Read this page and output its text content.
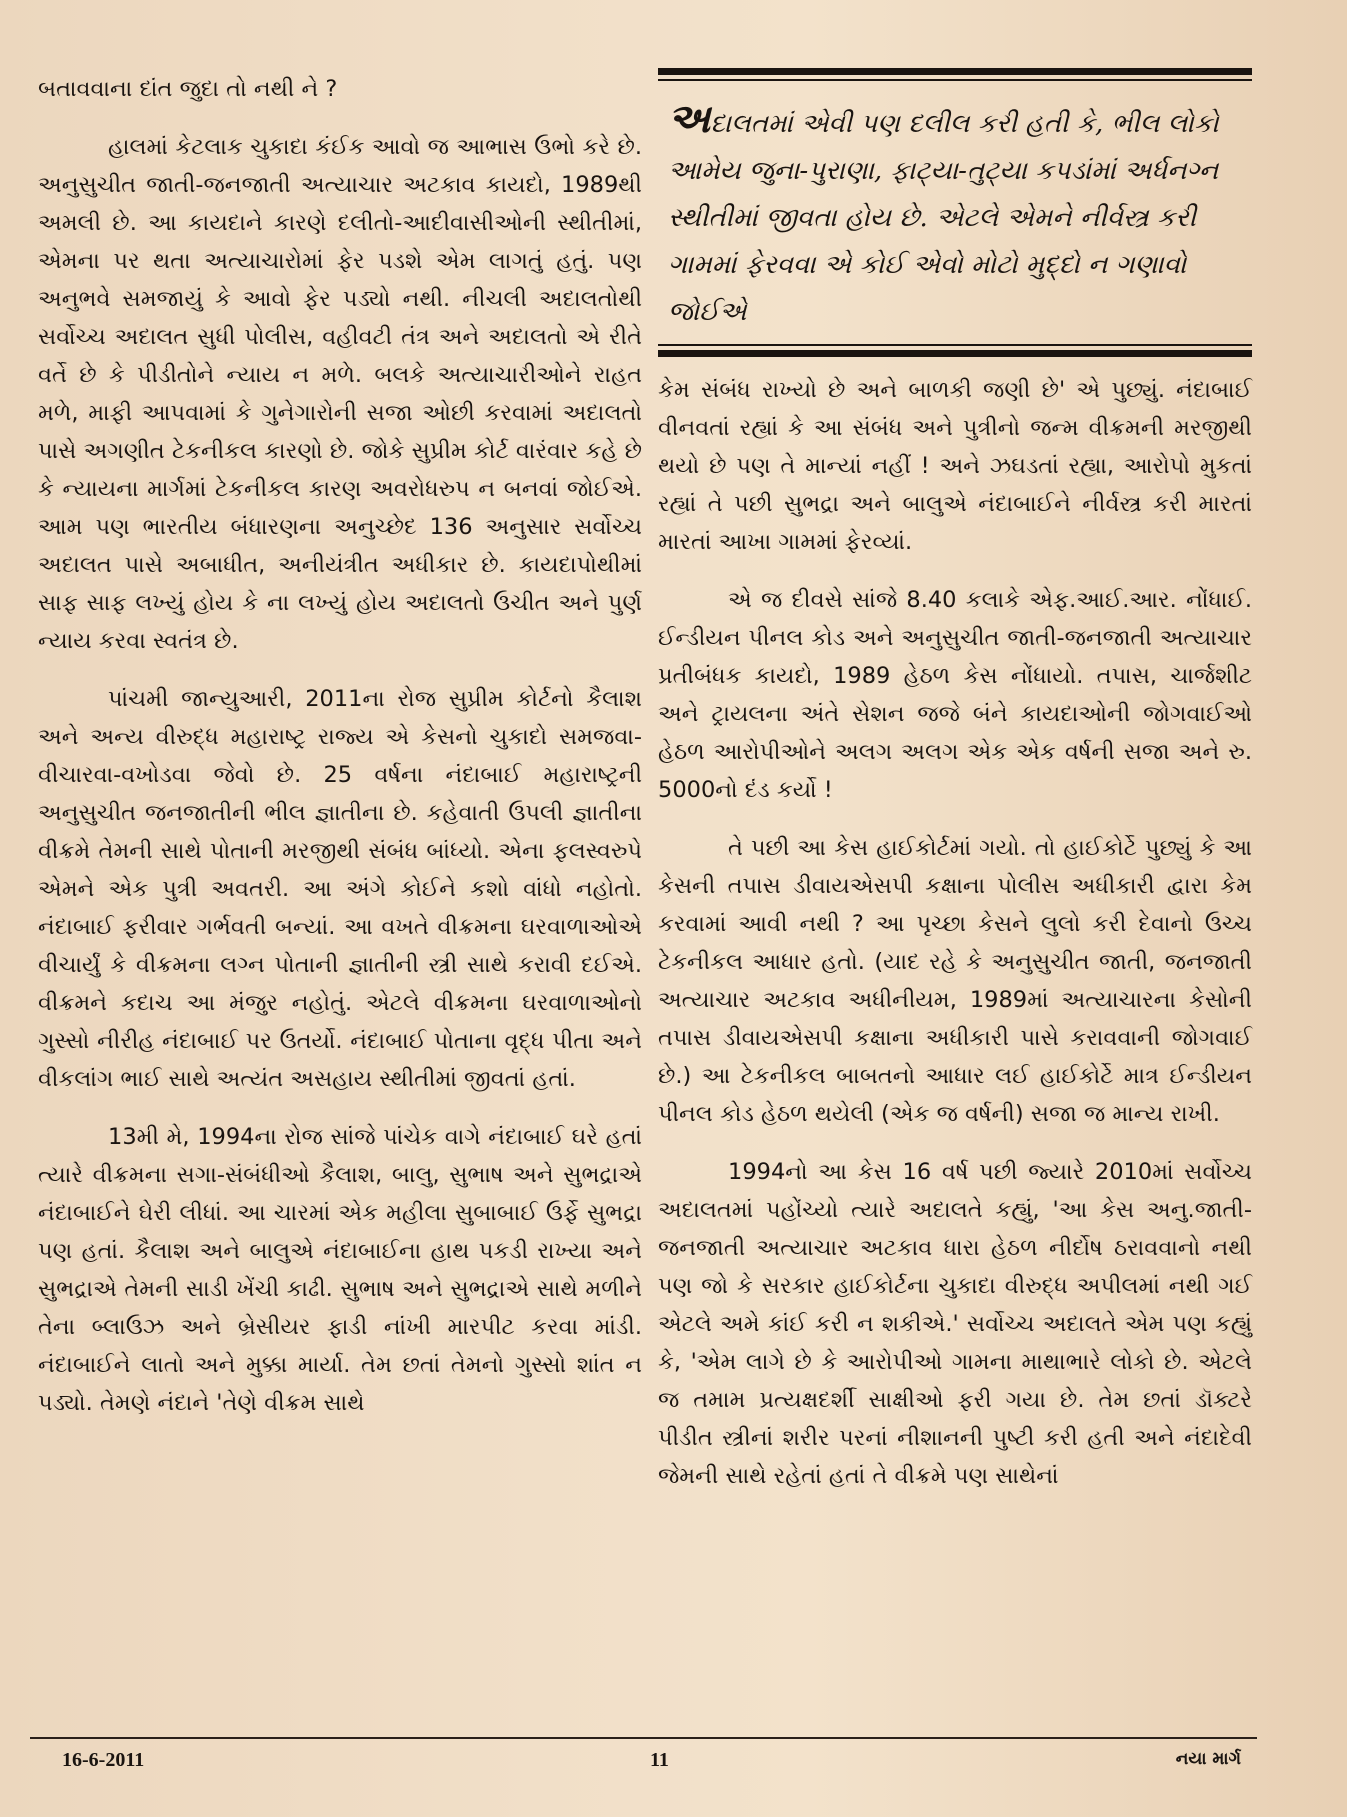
બતાવવાના દાંત જુદા તો નથી ને ?

હાલમાં કેટલાક ચુકાદા કંઈક આવો જ આભાસ ઉભો કરે છે. અનુસુચીત જાતી-જનજાતી અત્યાચાર અટકાવ કાયદો, 1989થી અમલી છે. આ કાયદાને કારણે દલીતો-આદીવાસીઓની સ્થીતીમાં, એમના પર થતા અત્યાચારોમાં ફેર પડશે એમ લાગતું હતું. પણ અનુભવે સમજાયું કે આવો ફેર પડ્યો નથી. નીચલી અદાલતોથી સર્વોચ્ચ અદાલત સુધી પોલીસ, વહીવટી તંત્ર અને અદાલતો એ રીતે વર્તે છે કે પીડીતોને ન્યાય ન મળે. બલકે અત્યાચારીઓને રાહત મળે, માફી આપવામાં કે ગુનેગારોની સજા ઓછી કરવામાં અદાલતો પાસે અગણીત ટેકનીકલ કારણો છે. જોકે સુપ્રીમ કોર્ટ વારંવાર કહે છે કે ન્યાયના માર્ગમાં ટેકનીકલ કારણ અવરોધરુપ ન બનવાં જોઈએ. આમ પણ ભારતીય બંધારણના અનુચ્છેદ 136 અનુસાર સર્વોચ્ચ અદાલત પાસે અબાધીત, અનીયંત્રીત અધીકાર છે. કાયદાપોથીમાં સાફ સાફ લખ્યું હોય કે ના લખ્યું હોય અદાલતો ઉચીત અને પુર્ણ ન્યાય કરવા સ્વતંત્ર છે.

પાંચમી જાન્યુઆરી, 2011ના રોજ સુપ્રીમ કોર્ટનો કૈલાશ અને અન્ય વીરુદ્ધ મહારાષ્ટ્ર રાજ્ય એ કેસનો ચુકાદો સમજવા-વીચારવા-વખોડવા જેવો છે. 25 વર્ષના નંદાબાઈ મહારાષ્ટ્રની અનુસુચીત જનજાતીની ભીલ જ્ઞાતીના છે. કહેવાતી ઉપલી જ્ઞાતીના વીક્રમે તેમની સાથે પોતાની મરજીથી સંબંધ બાંધ્યો. એના ફલસ્વરુપે એમને એક પુત્રી અવતરી. આ અંગે કોઈને કશો વાંધો નહોતો. નંદાબાઈ ફરીવાર ગર્ભવતી બન્યાં. આ વખતે વીક્રમના ઘરવાળાઓએ વીચાર્યું કે વીક્રમના લગ્ન પોતાની જ્ઞાતીની સ્ત્રી સાથે કરાવી દઈએ. વીક્રમને કદાચ આ મંજુર નહોતું. એટલે વીક્રમના ઘરવાળાઓનો ગુસ્સો નીરીહ નંદાબાઈ પર ઉતર્યો. નંદાબાઈ પોતાના વૃદ્ધ પીતા અને વીકલાંગ ભાઈ સાથે અત્યંત અસહાય સ્થીતીમાં જીવતાં હતાં.

13મી મે, 1994ના રોજ સાંજે પાંચેક વાગે નંદાબાઈ ઘરે હતાં ત્યારે વીક્રમના સગા-સંબંધીઓ કૈલાશ, બાલુ, સુભાષ અને સુભદ્રાએ નંદાબાઈને ઘેરી લીધાં. આ ચારમાં એક મહીલા સુબાબાઈ ઉર્ફે સુભદ્રા પણ હતાં. કૈલાશ અને બાલુએ નંદાબાઈના હાથ પકડી રાખ્યા અને સુભદ્રાએ તેમની સાડી ખેંચી કાઢી. સુભાષ અને સુભદ્રાએ સાથે મળીને તેના બ્લાઉઝ અને બ્રેસીયર ફાડી નાંખી મારપીટ કરવા માંડી. નંદાબાઈને લાતો અને મુક્કા માર્યા. તેમ છતાં તેમનો ગુસ્સો શાંત ન પડ્યો. તેમણે નંદાને 'તેણે વીક્રમ સાથે

અદાલતમાં એવી પણ દલીલ કરી હતી કે, ભીલ લોકો આમેય જુના-પુરાણા, ફાટ્યા-તુટ્યા કપડાંમાં અર્ધનગ્ન સ્થીતીમાં જીવતા હોય છે. એટલે એમને નીર્વસ્ત્ર કરી ગામમાં ફેરવવા એ કોઈ એવો મોટો મુદ્દો ન ગણાવો જોઈએ

કેમ સંબંધ રાખ્યો છે અને બાળકી જણી છે' એ પુછ્યું. નંદાબાઈ વીનવતાં રહ્યાં કે આ સંબંધ અને પુત્રીનો જન્મ વીક્રમની મરજીથી થયો છે પણ તે માન્યાં નહીં ! અને ઝઘડતાં રહ્યા, આરોપો મુકતાં રહ્યાં તે પછી સુભદ્રા અને બાલુએ નંદાબાઈને નીર્વસ્ત્ર કરી મારતાં મારતાં આખા ગામમાં ફેરવ્યાં.

એ જ દીવસે સાંજે 8.40 કલાકે એફ.આઈ.આર. નોંધાઈ. ઈન્ડીયન પીનલ કોડ અને અનુસુચીત જાતી-જનજાતી અત્યાચાર પ્રતીબંધક કાયદો, 1989 હેઠળ કેસ નોંધાયો. તપાસ, ચાર્જશીટ અને ટ્રાયલના અંતે સેશન જજે બંને કાયદાઓની જોગવાઈઓ હેઠળ આરોપીઓને અલગ અલગ એક એક વર્ષની સજા અને રુ. 5000નો દંડ કર્યો !

તે પછી આ કેસ હાઈકોર્ટમાં ગયો. તો હાઈકોર્ટે પુછ્યું કે આ કેસની તપાસ ડીવાયએસપી કક્ષાના પોલીસ અધીકારી દ્વારા કેમ કરવામાં આવી નથી ? આ પૃચ્છા કેસને લુલો કરી દેવાનો ઉચ્ચ ટેકનીકલ આધાર હતો. (યાદ રહે કે અનુસુચીત જાતી, જનજાતી અત્યાચાર અટકાવ અધીનીયમ, 1989માં અત્યાચારના કેસોની તપાસ ડીવાયએસપી કક્ષાના અધીકારી પાસે કરાવવાની જોગવાઈ છે.) આ ટેકનીકલ બાબતનો આધાર લઈ હાઈકોર્ટે માત્ર ઈન્ડીયન પીનલ કોડ હેઠળ થયેલી (એક જ વર્ષની) સજા જ માન્ય રાખી.

1994નો આ કેસ 16 વર્ષ પછી જ્યારે 2010માં સર્વોચ્ચ અદાલતમાં પહોંચ્યો ત્યારે અદાલતે કહ્યું, 'આ કેસ અનુ.જાતી-જનજાતી અત્યાચાર અટકાવ ધારા હેઠળ નીર્દોષ ઠરાવવાનો નથી પણ જો કે સરકાર હાઈકોર્ટના ચુકાદા વીરુદ્ધ અપીલમાં નથી ગઈ એટલે અમે કાંઈ કરી ન શકીએ.' સર્વોચ્ચ અદાલતે એમ પણ કહ્યું કે, 'એમ લાગે છે કે આરોપીઓ ગામના માથાભારે લોકો છે. એટલે જ તમામ પ્રત્યક્ષદર્શી સાક્ષીઓ ફરી ગયા છે. તેમ છતાં ડૉક્ટરે પીડીત સ્ત્રીનાં શરીર પરનાં નીશાનની પુષ્ટી કરી હતી અને નંદાદેવી જેમની સાથે રહેતાં હતાં તે વીક્રમે પણ સાથેનાં

16-6-2011	11	નયા માર્ગ
